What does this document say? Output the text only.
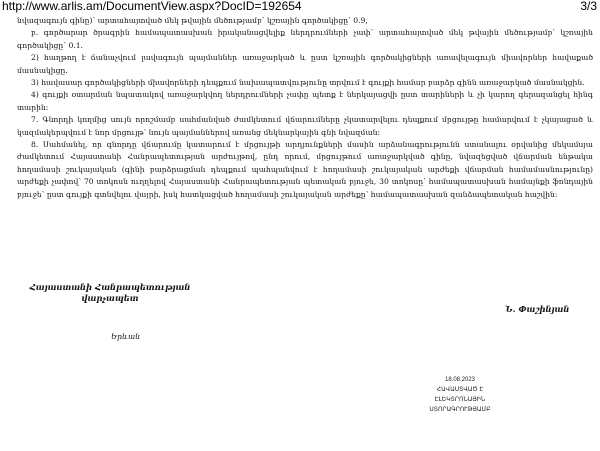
http://www.arlis.am/DocumentView.aspx?DocID=192654	3/3

նվազագույն գինը)՝ արտահայտված մեկ թվային մեծությամբ՝ կշռային գործակիցը՝ 0.9,

բ. գործարար ծրագրին համապատասխան իրականացվելիք ներդրումների չափ՝ արտահայտված մեկ թվային մեծությամբ՝ կշռային գործակիցը՝ 0.1.

2) հաղթող է ճանաչվում լավագույն պայմաններ առաջարկած և ըստ կշռային գործակիցների առավելագույն միավորներ հավաքած մասնակիցը.

3) հավասար գործակիցների միավորների դեպքում նախապատվությունը տրվում է գույքի համար բարձր գինն առաջարկած մասնակցին.

4) գույքի օտարման նպատակով առաջարկվող ներդրումների չափը պետք է ներկայացվի ըստ տարիների և չի կարող գերազանցել հինգ տարին:

7. Գնորդի կողմից սույն որոշմամբ սահմանված ժամկետում վճարումները չկատարվելու դեպքում մրցույթը համարվում է չկայացած և կազմակերպվում է նոր մրցույթ՝ նույն պայմաններով առանց մեկնարկային գնի նվազման:

8. Սահմանել, որ գնորդը վճարումը կատարում է մրցույթի արդյունքների մասին արձանագրությունն ստանալու օրվանից մեկամսյա ժամկետում Հայաստանի Հանրապետության արժույթով, ընդ որում, մրցույթում առաջարկված գինը, նվազեցված վճարման ենթակա հողամասի շուկայական (գինի բարձրացման դեպքում պահպանվում է հողամասի շուկայական արժեքի վճարման համամասնությունը) արժեքի չափով՝ 70 տոկոսն ուղղելով Հայաստանի Հանրապետության պետական բյուջե, 30 տոկոսը՝ համապատասխան համայնքի ֆոնդային բյուջե՝ ըստ գույքի գտնվելու վայրի, իսկ հատկացված հողամասի շուկայական արժեքը՝ համապատասխան զանձապետական հաշվին:

Հայաստանի Հանրապետության
վարչապետ
Ն. Փաշինյան
Երևան
18.08.2023
ՀԱՎԱՍՏՎԱԾ Է
ԷԼԵԿՏՐՈՆԱՅԻՆ
ՍՏՈՐԱԳՐՈՒԹՅԱՄԲ
